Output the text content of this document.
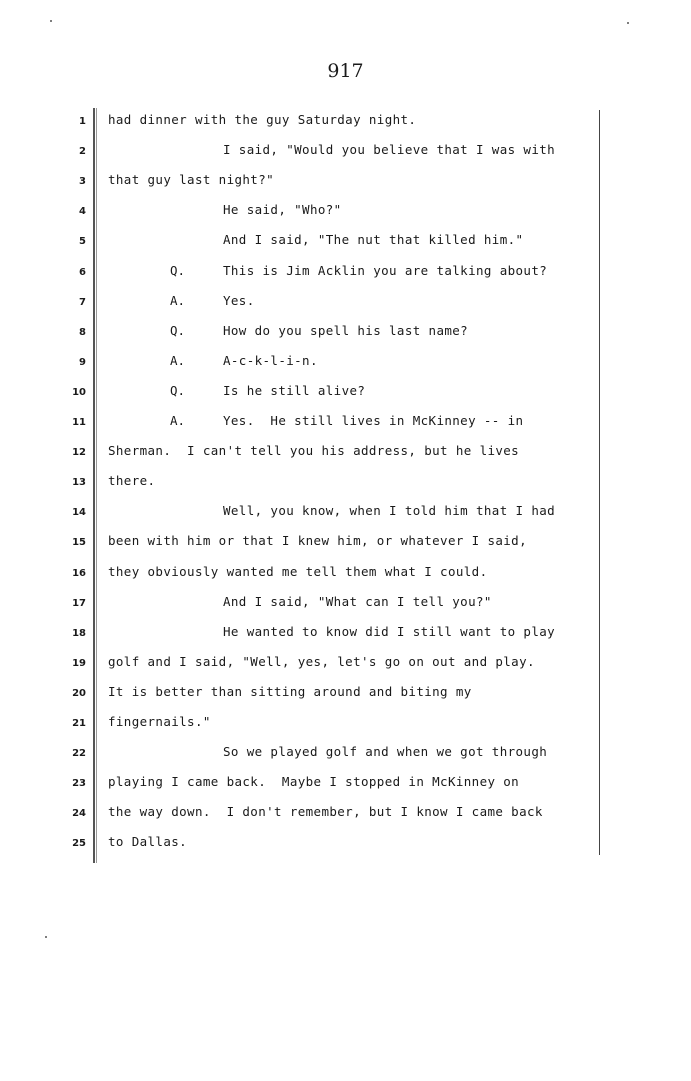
917
1 had dinner with the guy Saturday night.
2	I said, "Would you believe that I was with
3 that guy last night?"
4	He said, "Who?"
5	And I said, "The nut that killed him."
6	Q.	This is Jim Acklin you are talking about?
7	A.	Yes.
8	Q.	How do you spell his last name?
9	A.	A-c-k-l-i-n.
10	Q.	Is he still alive?
11	A.	Yes.  He still lives in McKinney -- in
12 Sherman.  I can't tell you his address, but he lives
13 there.
14	Well, you know, when I told him that I had
15 been with him or that I knew him, or whatever I said,
16 they obviously wanted me tell them what I could.
17	And I said, "What can I tell you?"
18	He wanted to know did I still want to play
19 golf and I said, "Well, yes, let's go on out and play.
20 It is better than sitting around and biting my
21 fingernails."
22	So we played golf and when we got through
23 playing I came back.  Maybe I stopped in McKinney on
24 the way down.  I don't remember, but I know I came back
25 to Dallas.
